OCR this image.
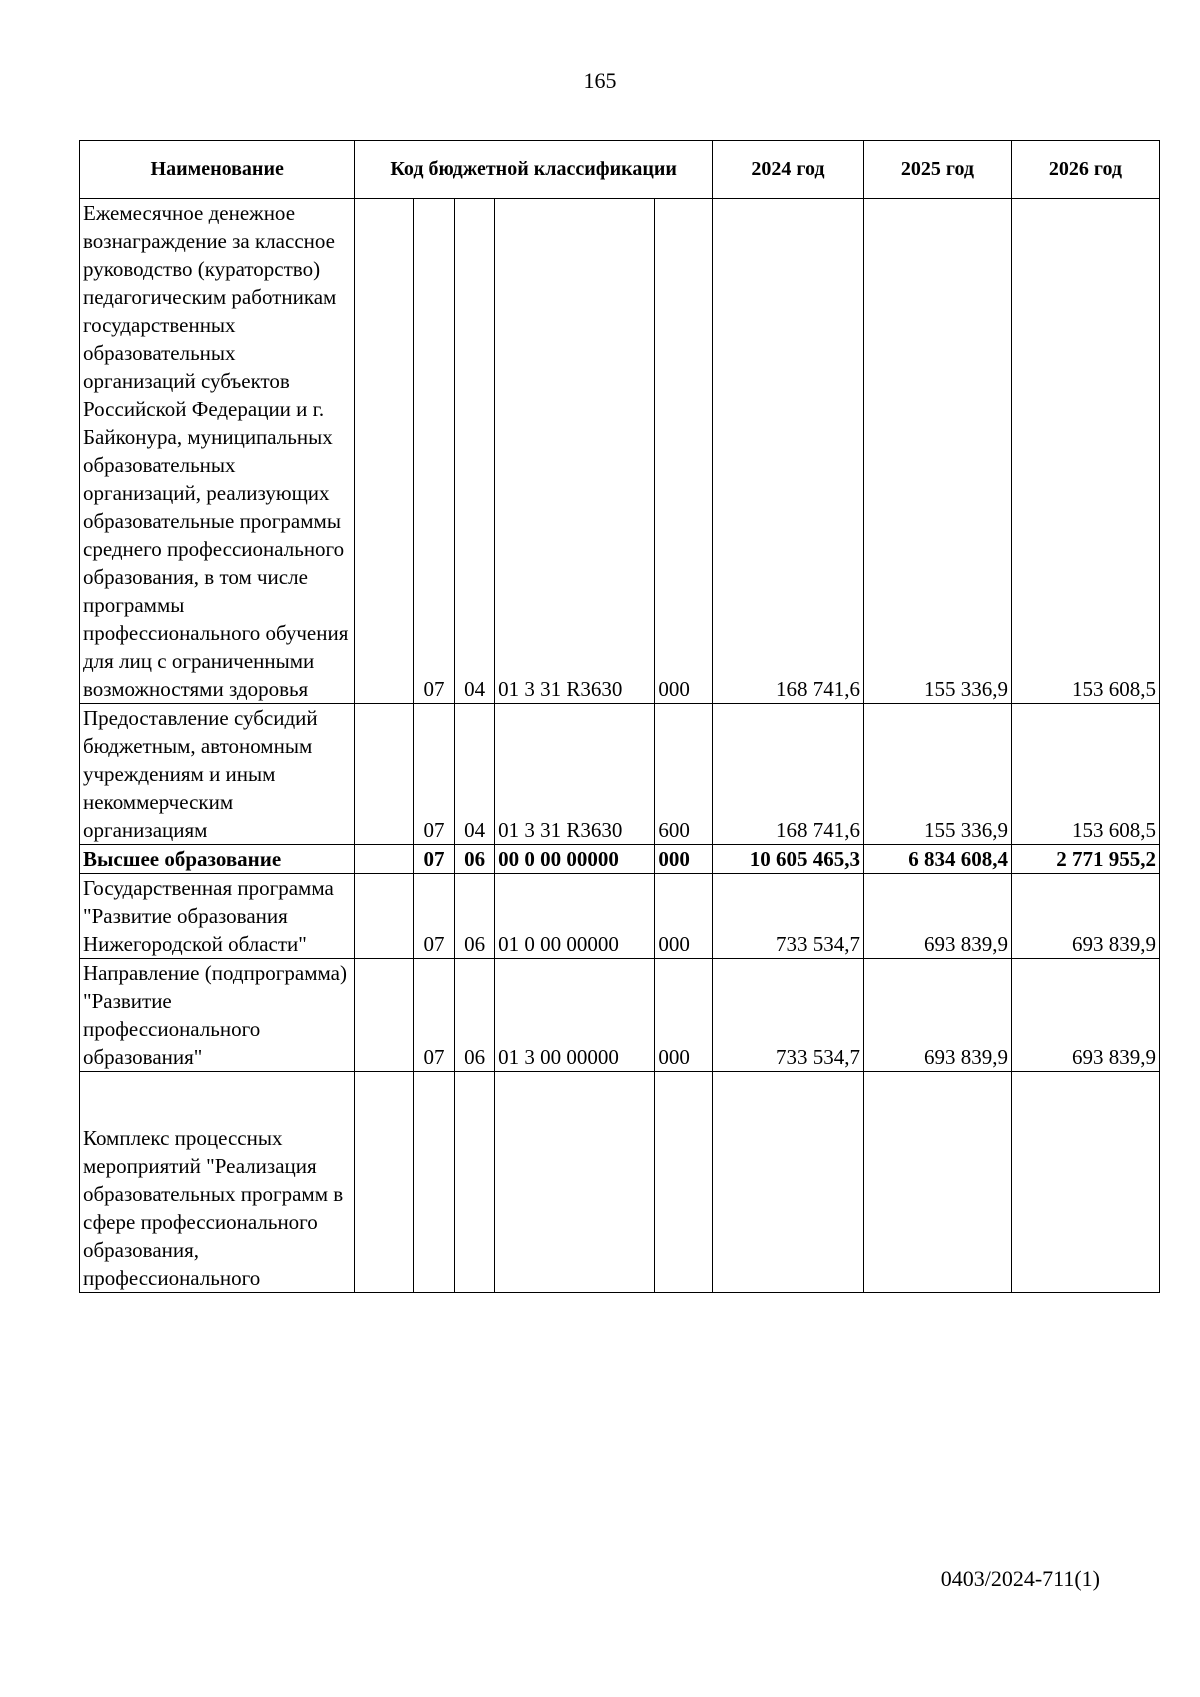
165
Наименование	Код бюджетной классификации					2024 год	2025 год	2026 год
Ежемесячное денежное вознаграждение за классное руководство (кураторство) педагогическим работникам государственных образовательных организаций субъектов Российской Федерации и г. Байконура, муниципальных образовательных организаций, реализующих образовательные программы среднего профессионального образования, в том числе программы профессионального обучения для лиц с ограниченными возможностями здоровья		07	04	01 3 31 R3630	000	168 741,6	155 336,9	153 608,5
Предоставление субсидий бюджетным, автономным учреждениям и иным некоммерческим организациям		07	04	01 3 31 R3630	600	168 741,6	155 336,9	153 608,5
Высшее образование		07	06	00 0 00 00000	000	10 605 465,3	6 834 608,4	2 771 955,2
Государственная программа "Развитие образования Нижегородской области"		07	06	01 0 00 00000	000	733 534,7	693 839,9	693 839,9
Направление (подпрограмма) "Развитие профессионального образования"		07	06	01 3 00 00000	000	733 534,7	693 839,9	693 839,9
Комплекс процессных мероприятий "Реализация образовательных программ в сфере профессионального образования, профессионального								
0403/2024-711(1)
